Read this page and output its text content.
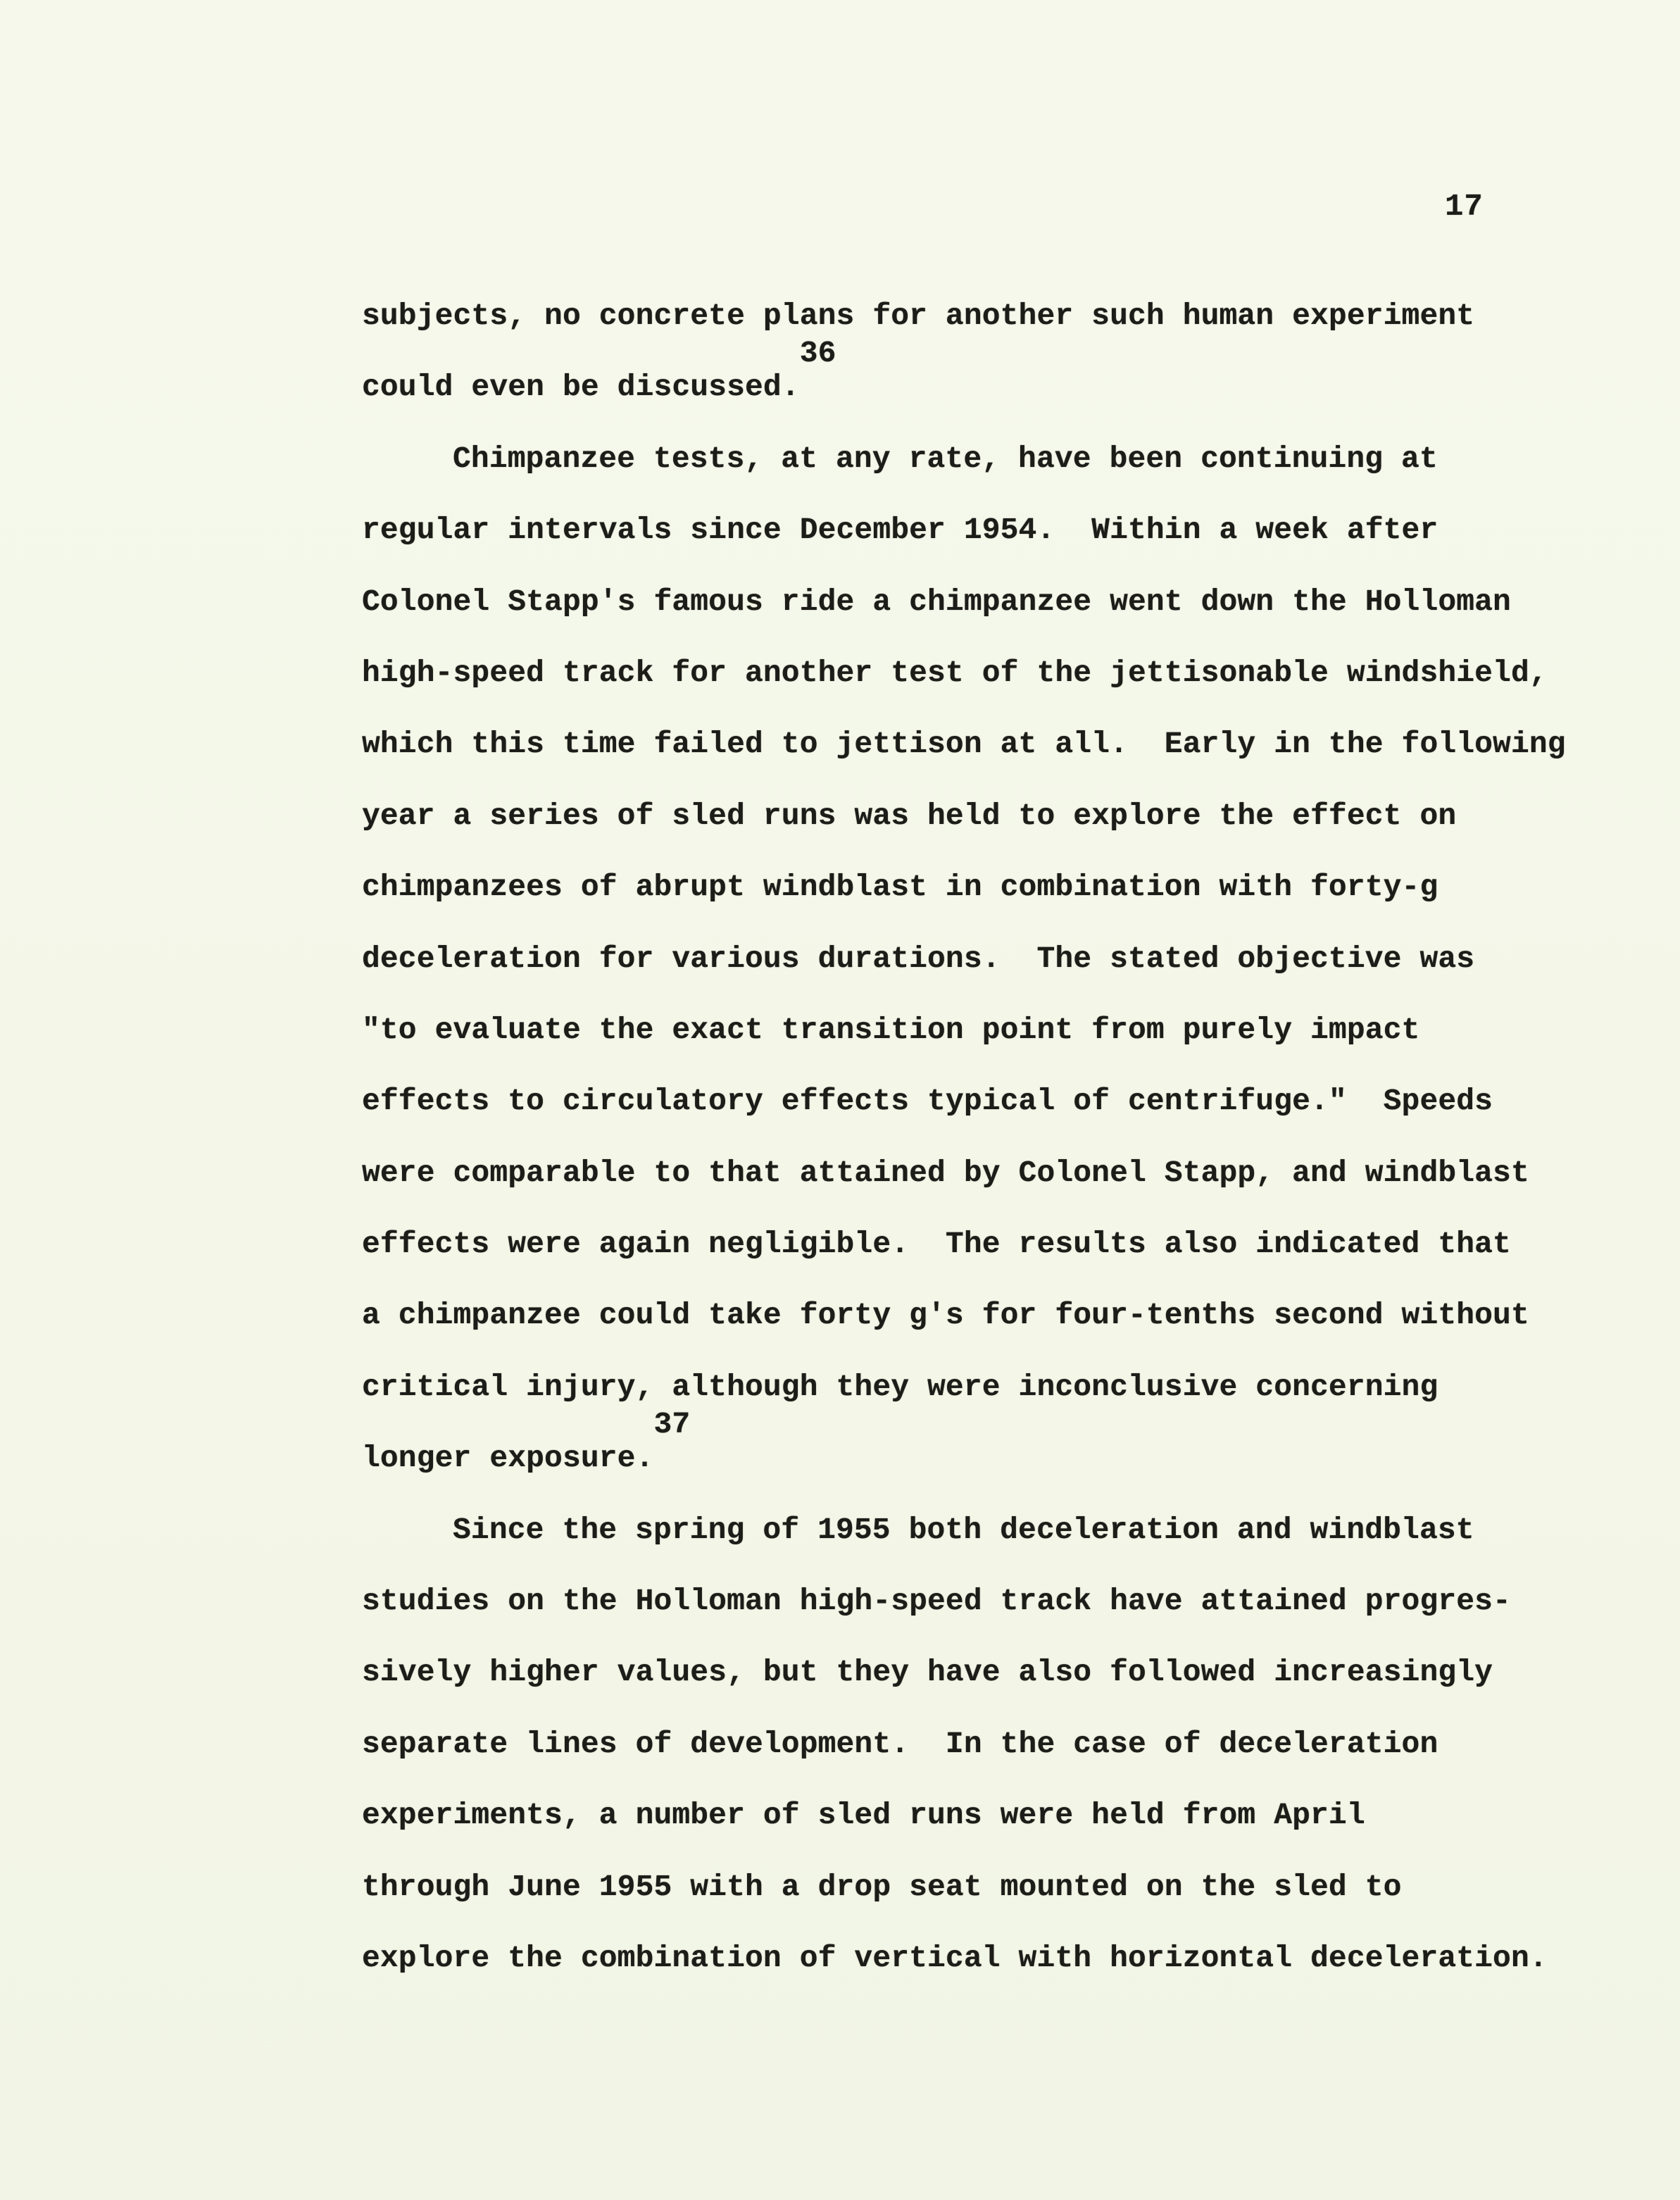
17
subjects, no concrete plans for another such human experiment
could even be discussed.36
Chimpanzee tests, at any rate, have been continuing at
regular intervals since December 1954.  Within a week after
Colonel Stapp's famous ride a chimpanzee went down the Holloman
high-speed track for another test of the jettisonable windshield,
which this time failed to jettison at all.  Early in the following
year a series of sled runs was held to explore the effect on
chimpanzees of abrupt windblast in combination with forty-g
deceleration for various durations.  The stated objective was
"to evaluate the exact transition point from purely impact
effects to circulatory effects typical of centrifuge."  Speeds
were comparable to that attained by Colonel Stapp, and windblast
effects were again negligible.  The results also indicated that
a chimpanzee could take forty g's for four-tenths second without
critical injury, although they were inconclusive concerning
longer exposure.37
Since the spring of 1955 both deceleration and windblast
studies on the Holloman high-speed track have attained progres-
sively higher values, but they have also followed increasingly
separate lines of development.  In the case of deceleration
experiments, a number of sled runs were held from April
through June 1955 with a drop seat mounted on the sled to
explore the combination of vertical with horizontal deceleration.
